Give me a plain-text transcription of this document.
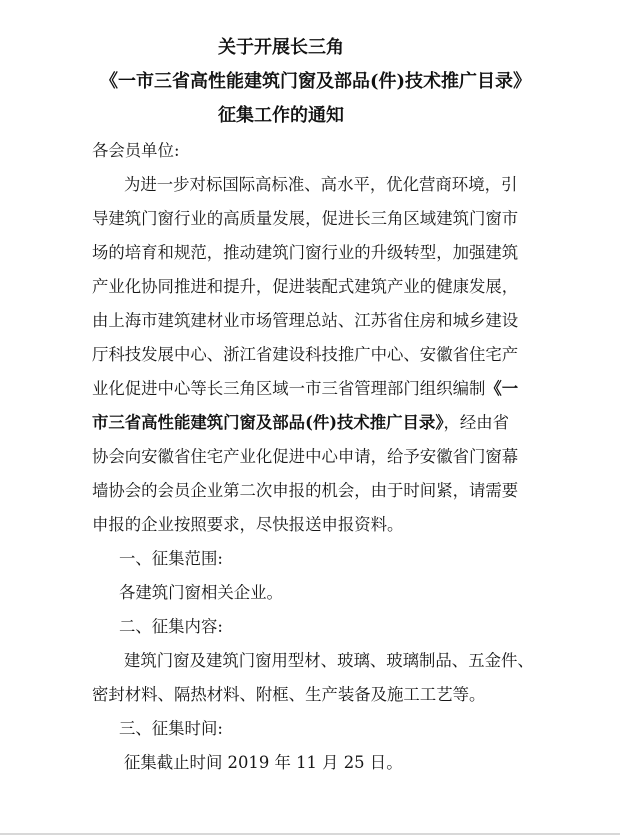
关于开展长三角
《一市三省高性能建筑门窗及部品(件)技术推广目录》
征集工作的通知
各会员单位:
为进一步对标国际高标准、高水平，优化营商环境，引
导建筑门窗行业的高质量发展，促进长三角区域建筑门窗市
场的培育和规范，推动建筑门窗行业的升级转型，加强建筑
产业化协同推进和提升，促进装配式建筑产业的健康发展，
由上海市建筑建材业市场管理总站、江苏省住房和城乡建设
厅科技发展中心、浙江省建设科技推广中心、安徽省住宅产
业化促进中心等长三角区域一市三省管理部门组织编制《一
市三省高性能建筑门窗及部品(件)技术推广目录》，经由省
协会向安徽省住宅产业化促进中心申请，给予安徽省门窗幕
墙协会的会员企业第二次申报的机会，由于时间紧，请需要
申报的企业按照要求，尽快报送申报资料。
一、征集范围:
各建筑门窗相关企业。
二、征集内容:
建筑门窗及建筑门窗用型材、玻璃、玻璃制品、五金件、
密封材料、隔热材料、附框、生产装备及施工工艺等。
三、征集时间:
征集截止时间 2019 年 11 月 25 日。
